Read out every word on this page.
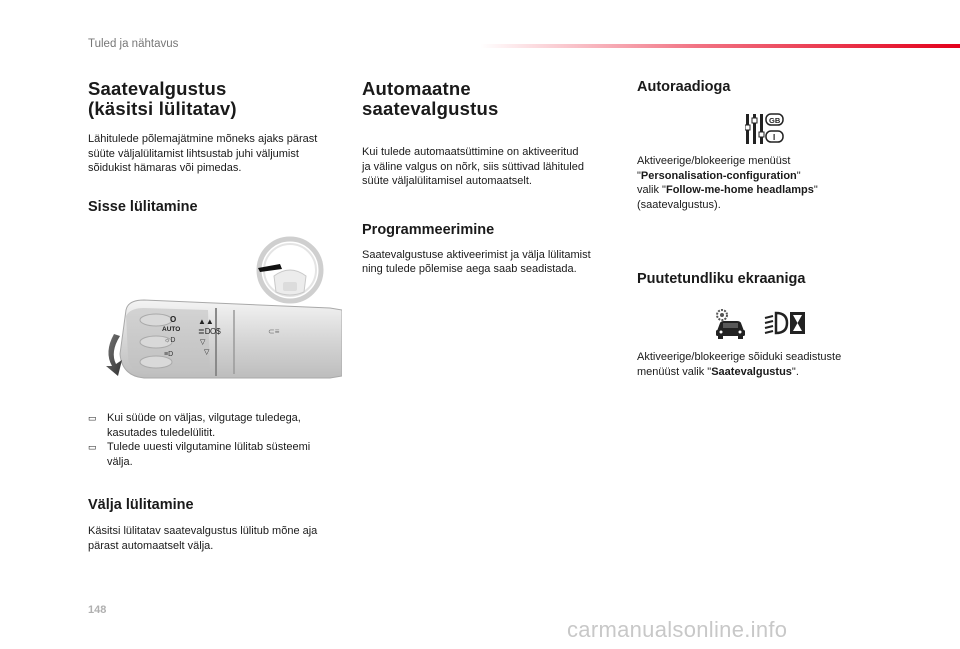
Tuled ja nähtavus
Saatevalgustus
(käsitsi lülitatav)

Lähitulede põlemajätmine mõneks ajaks pärast
süüte väljalülitamist lihtsustab juhi väljumist
sõidukist hämaras või pimedas.

Sisse lülitamine
O
AUTO
☼D
≡D
▲▲
≣D O$
▽
▽
⊂≡
▭ Kui süüde on väljas, vilgutage tuledega,
kasutades tuledelülitit.
▭ Tulede uuesti vilgutamine lülitab süsteemi
välja.
Välja lülitamine

Käsitsi lülitatav saatevalgustus lülitub mõne aja
pärast automaatselt välja.

Automaatne
saatevalgustus

Kui tulede automaatsüttimine on aktiveeritud
ja väline valgus on nõrk, siis süttivad lähituled
süüte väljalülitamisel automaatselt.

Programmeerimine

Saatevalgustuse aktiveerimist ja välja lülitamist
ning tulede põlemise aega saab seadistada.

Autoraadioga
GB
I
Aktiveerige/blokeerige menüüst
"Personalisation-configuration"
valik "Follow-me-home headlamps"
(saatevalgustus).
Puutetundliku ekraaniga
Aktiveerige/blokeerige sõiduki seadistuste
menüüst valik "Saatevalgustus".
148
carmanualsonline.info
